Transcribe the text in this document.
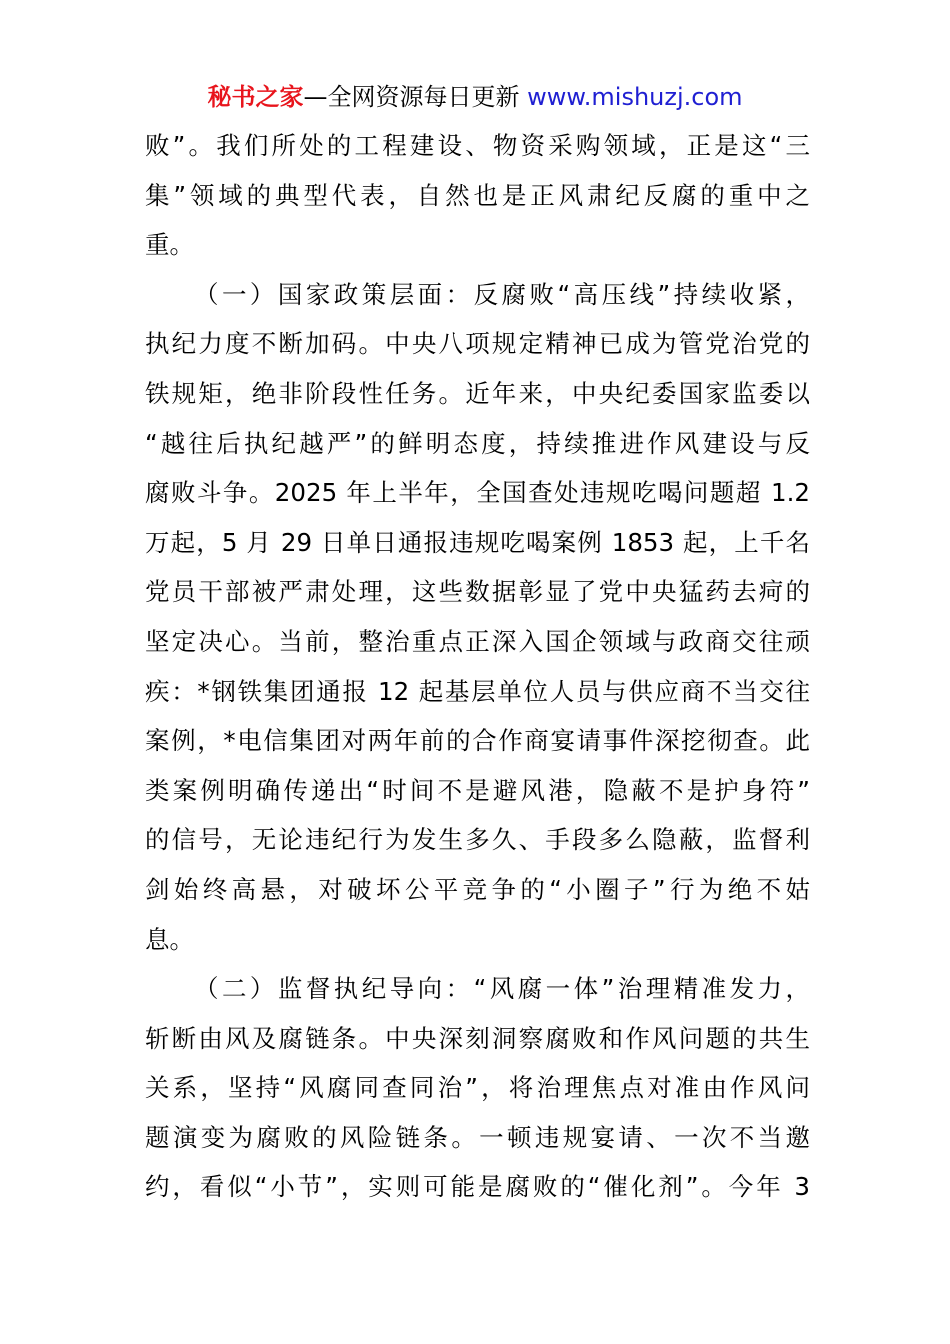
秘书之家—全网资源每日更新 www.mishuzj.com
败”。我们所处的工程建设、物资采购领域，正是这“三
集”领域的典型代表，自然也是正风肃纪反腐的重中之
重。
（一）国家政策层面：反腐败“高压线”持续收紧，
执纪力度不断加码。中央八项规定精神已成为管党治党的
铁规矩，绝非阶段性任务。近年来，中央纪委国家监委以
“越往后执纪越严”的鲜明态度，持续推进作风建设与反
腐败斗争。2025 年上半年，全国查处违规吃喝问题超 1.2
万起，5 月 29 日单日通报违规吃喝案例 1853 起，上千名
党员干部被严肃处理，这些数据彰显了党中央猛药去疴的
坚定决心。当前，整治重点正深入国企领域与政商交往顽
疾：*钢铁集团通报 12 起基层单位人员与供应商不当交往
案例，*电信集团对两年前的合作商宴请事件深挖彻查。此
类案例明确传递出“时间不是避风港，隐蔽不是护身符”
的信号，无论违纪行为发生多久、手段多么隐蔽，监督利
剑始终高悬，对破坏公平竞争的“小圈子”行为绝不姑
息。
（二）监督执纪导向：“风腐一体”治理精准发力，
斩断由风及腐链条。中央深刻洞察腐败和作风问题的共生
关系，坚持“风腐同查同治”，将治理焦点对准由作风问
题演变为腐败的风险链条。一顿违规宴请、一次不当邀
约，看似“小节”，实则可能是腐败的“催化剂”。今年 3
